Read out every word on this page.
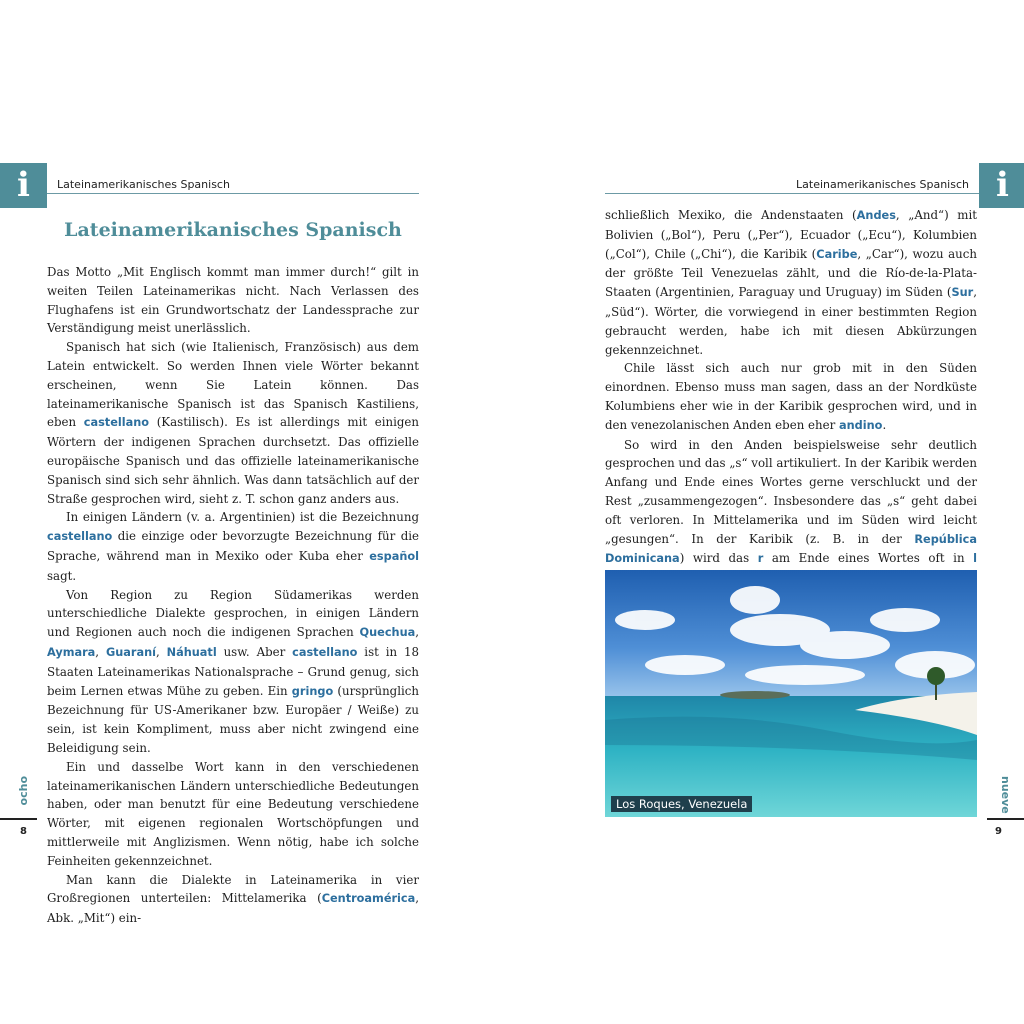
i	Lateinamerikanisches Spanisch
Lateinamerikanisches Spanisch

Das Motto „Mit Englisch kommt man immer durch!“ gilt in weiten Teilen Lateinamerikas nicht. Nach Verlassen des Flughafens ist ein Grundwortschatz der Landessprache zur Verständigung meist unerlässlich.

Spanisch hat sich (wie Italienisch, Französisch) aus dem Latein entwickelt. So werden Ihnen viele Wörter bekannt erscheinen, wenn Sie Latein können. Das lateinamerikanische Spanisch ist das Spanisch Kastiliens, eben castellano (Kastilisch). Es ist allerdings mit einigen Wörtern der indigenen Sprachen durchsetzt. Das offizielle europäische Spanisch und das offizielle lateinamerikanische Spanisch sind sich sehr ähnlich. Was dann tatsächlich auf der Straße gesprochen wird, sieht z. T. schon ganz anders aus.

In einigen Ländern (v. a. Argentinien) ist die Bezeichnung castellano die einzige oder bevorzugte Bezeichnung für die Sprache, während man in Mexiko oder Kuba eher español sagt.

Von Region zu Region Südamerikas werden unterschiedliche Dialekte gesprochen, in einigen Ländern und Regionen auch noch die indigenen Sprachen Quechua, Aymara, Guaraní, Náhuatl usw. Aber castellano ist in 18 Staaten Lateinamerikas Nationalsprache – Grund genug, sich beim Lernen etwas Mühe zu geben. Ein gringo (ursprünglich Bezeichnung für US-Amerikaner bzw. Europäer / Weiße) zu sein, ist kein Kompliment, muss aber nicht zwingend eine Beleidigung sein.

Ein und dasselbe Wort kann in den verschiedenen lateinamerikanischen Ländern unterschiedliche Bedeutungen haben, oder man benutzt für eine Bedeutung verschiedene Wörter, mit eigenen regionalen Wortschöpfungen und mittlerweile mit Anglizismen. Wenn nötig, habe ich solche Feinheiten gekennzeichnet.

Man kann die Dialekte in Lateinamerika in vier Großregionen unterteilen: Mittelamerika (Centroamérica, Abk. „Mit“) ein-

ocho
8
i
Lateinamerikanisches Spanisch

schließlich Mexiko, die Andenstaaten (Andes, „And“) mit Bolivien („Bol“), Peru („Per“), Ecuador („Ecu“), Kolumbien („Col“), Chile („Chi“), die Karibik (Caribe, „Car“), wozu auch der größte Teil Venezuelas zählt, und die Río-de-la-Plata-Staaten (Argentinien, Paraguay und Uruguay) im Süden (Sur, „Süd“). Wörter, die vorwiegend in einer bestimmten Region gebraucht werden, habe ich mit diesen Abkürzungen gekennzeichnet.

Chile lässt sich auch nur grob mit in den Süden einordnen. Ebenso muss man sagen, dass an der Nordküste Kolumbiens eher wie in der Karibik gesprochen wird, und in den venezolanischen Anden eben eher andino.

So wird in den Anden beispielsweise sehr deutlich gesprochen und das „s“ voll artikuliert. In der Karibik werden Anfang und Ende eines Wortes gerne verschluckt und der Rest „zusammengezogen“. Insbesondere das „s“ geht dabei oft verloren. In Mittelamerika und im Süden wird leicht „gesungen“. In der Karibik (z. B. in der República Dominicana) wird das r am Ende eines Wortes oft in l

Los Roques, Venezuela	nueve
9
